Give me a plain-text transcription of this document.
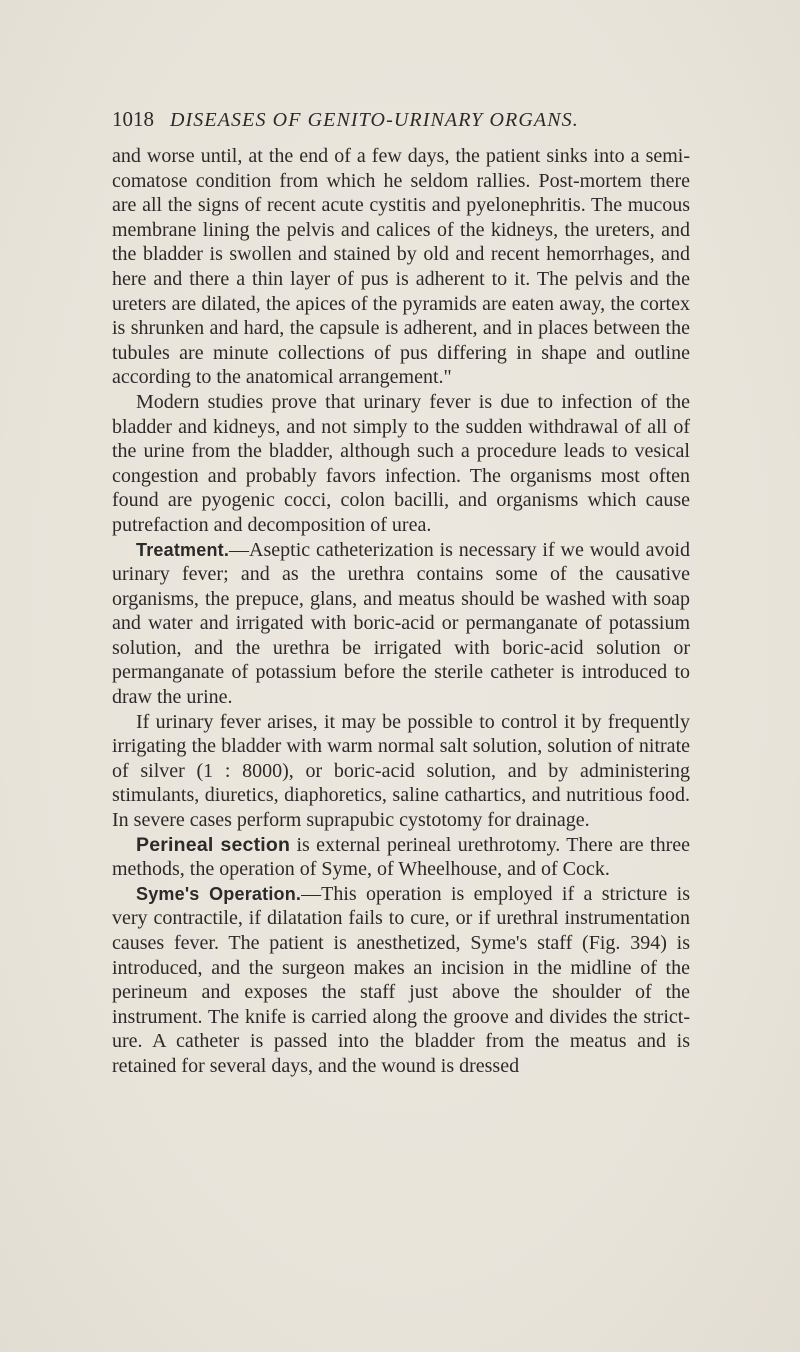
1018 DISEASES OF GENITO-URINARY ORGANS.

and worse until, at the end of a few days, the patient sinks into a semi-comatose condition from which he seldom rallies. Post-mortem there are all the signs of recent acute cystitis and pyelonephritis. The mucous membrane lining the pelvis and calices of the kidneys, the ureters, and the bladder is swollen and stained by old and recent hemorrhages, and here and there a thin layer of pus is adherent to it. The pelvis and the ureters are dilated, the apices of the pyramids are eaten away, the cortex is shrunken and hard, the capsule is adherent, and in places between the tubules are minute collections of pus differing in shape and outline according to the anatomical arrangement."

Modern studies prove that urinary fever is due to infection of the bladder and kidneys, and not simply to the sudden withdrawal of all of the urine from the bladder, although such a procedure leads to vesical congestion and probably favors infection. The organisms most often found are pyogenic cocci, colon bacilli, and organisms which cause putrefaction and decomposition of urea.

Treatment.—Aseptic catheterization is necessary if we would avoid urinary fever; and as the urethra contains some of the causative organisms, the prepuce, glans, and meatus should be washed with soap and water and irrigated with boric-acid or permanganate of potassium solution, and the urethra be irrigated with boric-acid solution or permanganate of potassium before the sterile catheter is introduced to draw the urine.

If urinary fever arises, it may be possible to control it by frequently irrigating the bladder with warm normal salt solution, solution of nitrate of silver (1 : 8000), or boric-acid solution, and by administering stimulants, diuretics, diaphoretics, saline cathartics, and nutritious food. In severe cases perform suprapubic cystotomy for drainage.

Perineal section is external perineal urethrotomy. There are three methods, the operation of Syme, of Wheelhouse, and of Cock.

Syme's Operation.—This operation is employed if a stricture is very contractile, if dilatation fails to cure, or if urethral instrumentation causes fever. The patient is anesthetized, Syme's staff (Fig. 394) is introduced, and the surgeon makes an incision in the midline of the perineum and exposes the staff just above the shoulder of the instrument. The knife is carried along the groove and divides the stricture. A catheter is passed into the bladder from the meatus and is retained for several days, and the wound is dressed
